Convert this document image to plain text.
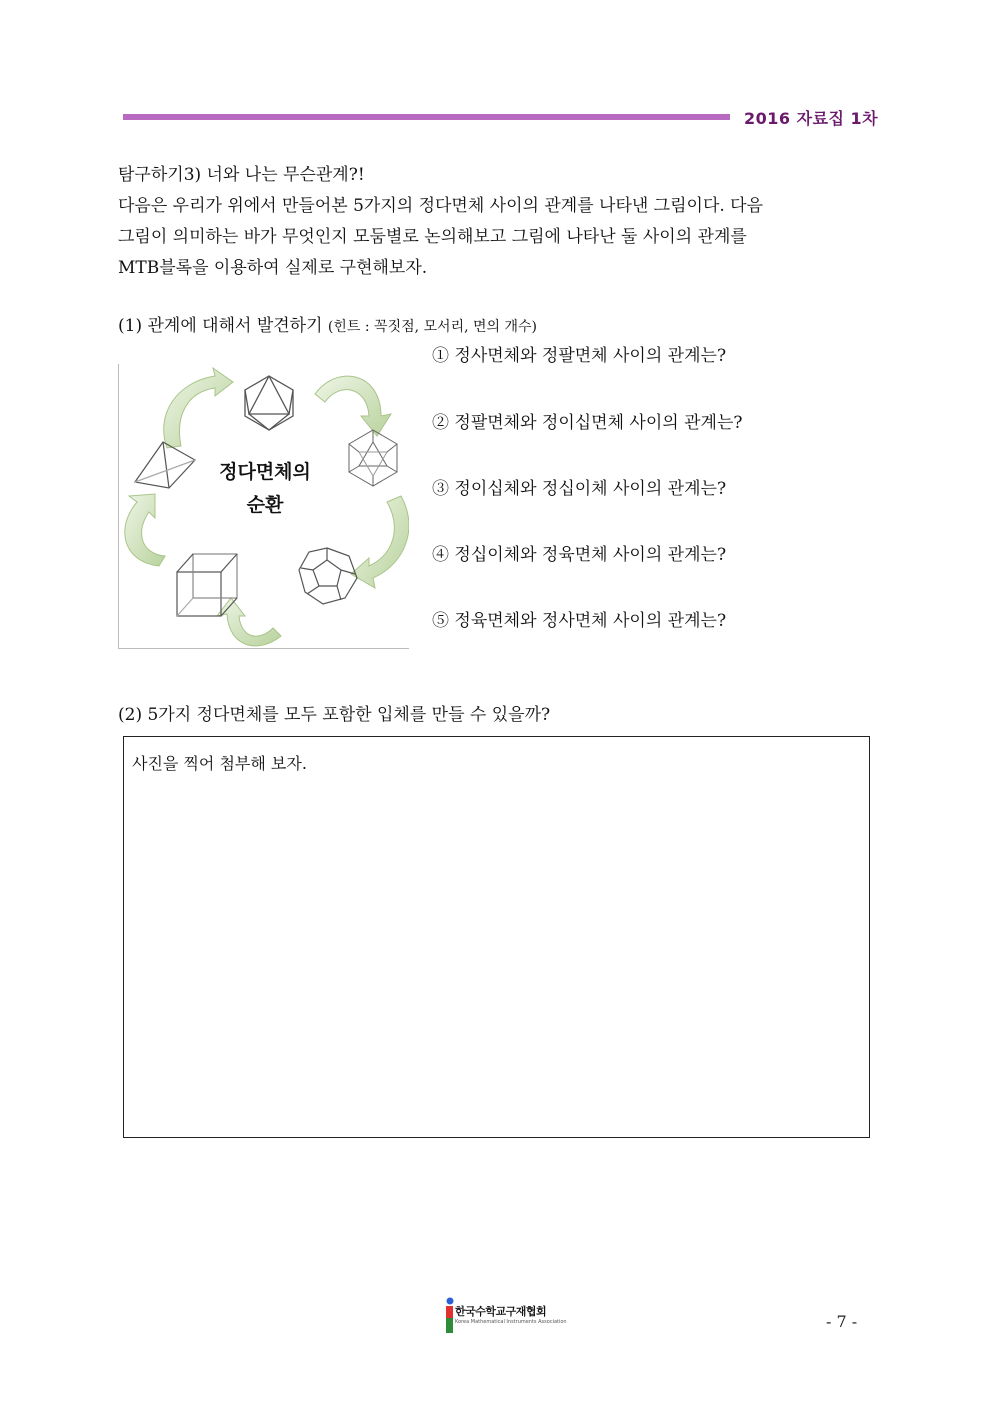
2016 자료집 1차

탐구하기3) 너와 나는 무슨관계?!

다음은 우리가 위에서 만들어본 5가지의 정다면체 사이의 관계를 나타낸 그림이다. 다음

그림이 의미하는 바가 무엇인지 모둠별로 논의해보고 그림에 나타난 둘 사이의 관계를

MTB블록을 이용하여 실제로 구현해보자.

(1) 관계에 대해서 발견하기 (힌트 : 꼭짓점, 모서리, 면의 개수)
정다면체의
순환
① 정사면체와 정팔면체 사이의 관계는?
② 정팔면체와 정이십면체 사이의 관계는?
③ 정이십체와 정십이체 사이의 관계는?
④ 정십이체와 정육면체 사이의 관계는?
⑤ 정육면체와 정사면체 사이의 관계는?
(2) 5가지 정다면체를 모두 포함한 입체를 만들 수 있을까?
사진을 찍어 첨부해 보자.
한국수학교구재협회
Korea Mathematical Instruments Association	- 7 -
